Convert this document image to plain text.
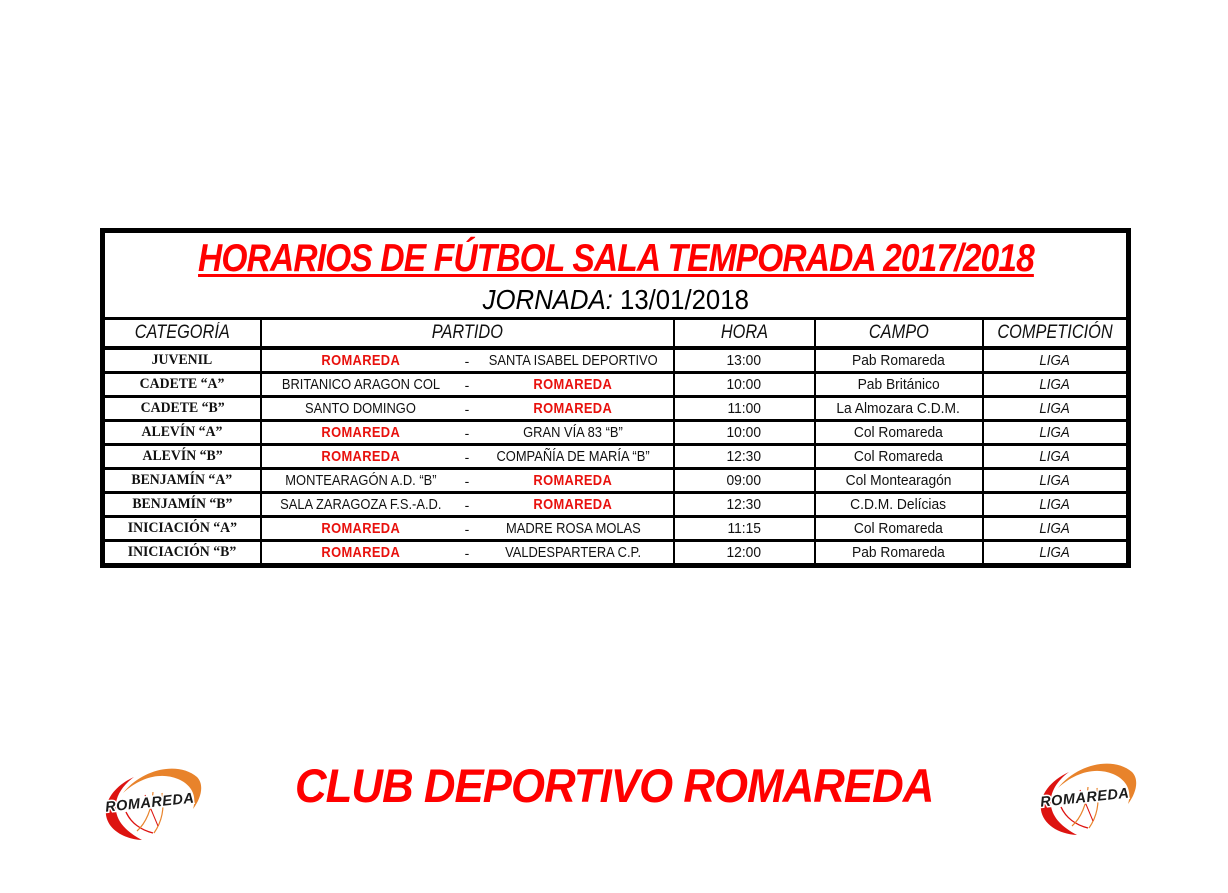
HORARIOS DE FÚTBOL SALA TEMPORADA 2017/2018
JORNADA: 13/01/2018				

CATEGORÍA	PARTIDO	HORA	CAMPO	COMPETICIÓN
JUVENIL	ROMAREDA - SANTA ISABEL DEPORTIVO	13:00	Pab Romareda	LIGA
CADETE “A”	BRITANICO ARAGON COL - ROMAREDA	10:00	Pab Británico	LIGA
CADETE “B”	SANTO DOMINGO - ROMAREDA	11:00	La Almozara C.D.M.	LIGA
ALEVÍN “A”	ROMAREDA - GRAN VÍA 83 “B”	10:00	Col Romareda	LIGA
ALEVÍN “B”	ROMAREDA - COMPAÑÍA DE MARÍA “B”	12:30	Col Romareda	LIGA
BENJAMÍN “A”	MONTEARAGÓN A.D. “B” - ROMAREDA	09:00	Col Montearagón	LIGA
BENJAMÍN “B”	SALA ZARAGOZA F.S.-A.D. - ROMAREDA	12:30	C.D.M. Delícias	LIGA
INICIACIÓN “A”	ROMAREDA - MADRE ROSA MOLAS	11:15	Col Romareda	LIGA
INICIACIÓN “B”	ROMAREDA - VALDESPARTERA C.P.	12:00	Pab Romareda	LIGA
ROMAREDA	CLUB DEPORTIVO ROMAREDA	ROMAREDA
